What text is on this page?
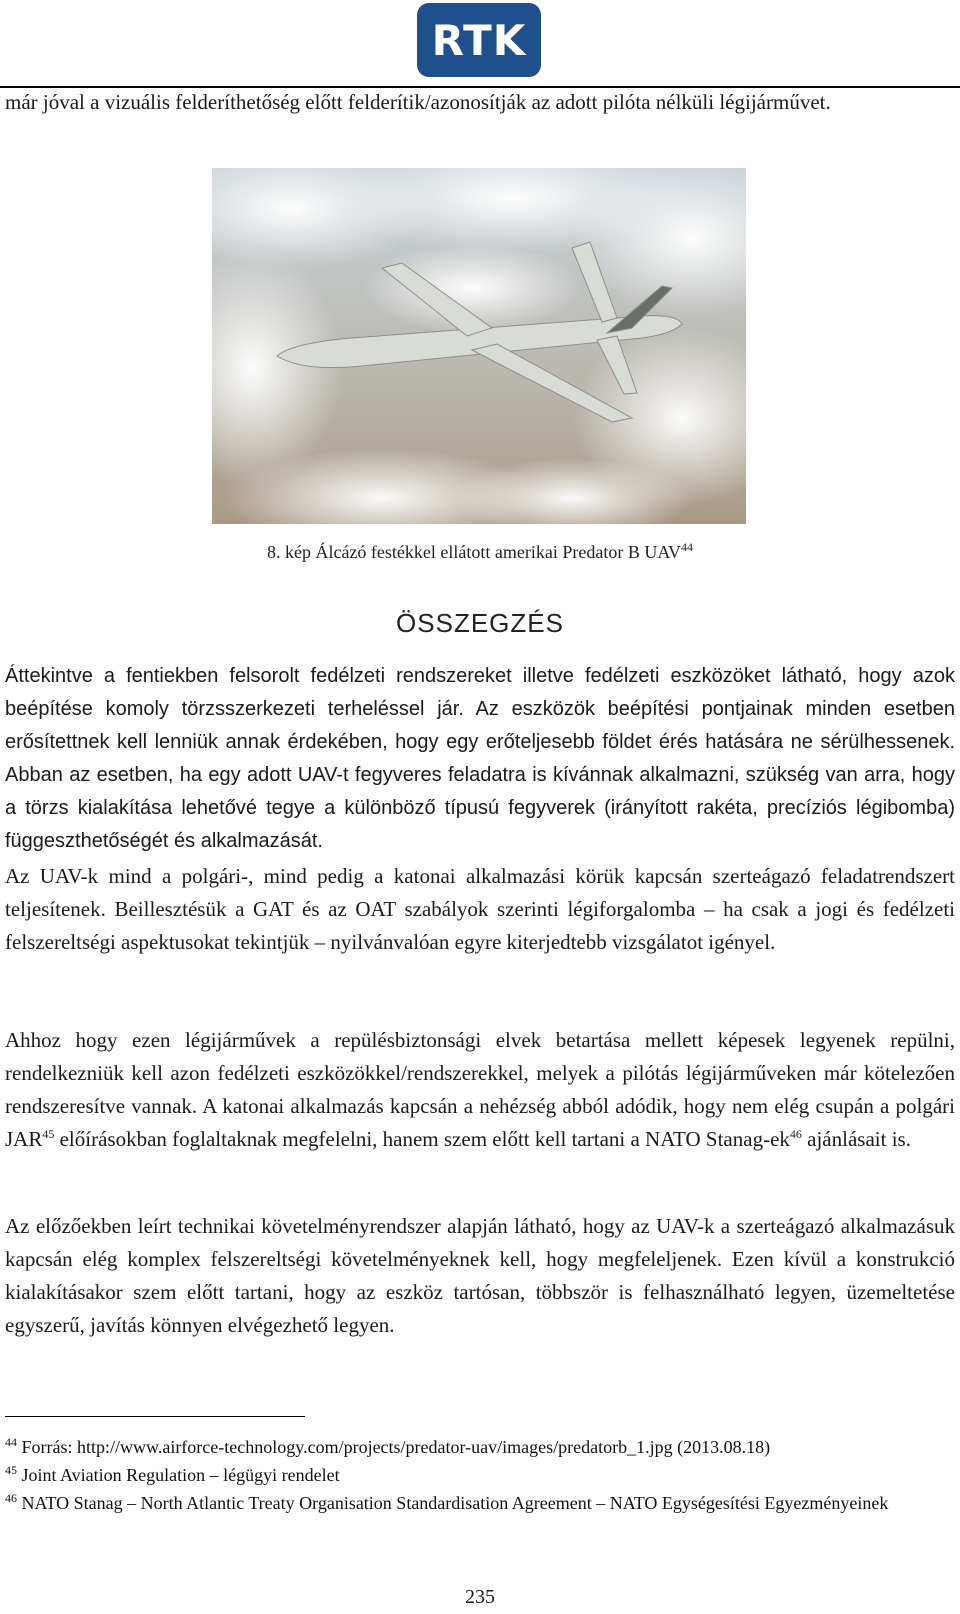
RTK
már jóval a vizuális felderíthetőség előtt felderítik/azonosítják az adott pilóta nélküli légijárművet.
8. kép Álcázó festékkel ellátott amerikai Predator B UAV$^{44}$
ÖSSZEGZÉS
Áttekintve a fentiekben felsorolt fedélzeti rendszereket illetve fedélzeti eszközöket látható, hogy azok beépítése komoly törzsszerkezeti terheléssel jár. Az eszközök beépítési pontjainak minden esetben erősítettnek kell lenniük annak érdekében, hogy egy erőteljesebb földet érés hatására ne sérülhessenek. Abban az esetben, ha egy adott UAV-t fegyveres feladatra is kívánnak alkalmazni, szükség van arra, hogy a törzs kialakítása lehetővé tegye a különböző típusú fegyverek (irányított rakéta, precíziós légibomba) függeszthetőségét és alkalmazását.
Az UAV-k mind a polgári-, mind pedig a katonai alkalmazási körük kapcsán szerteágazó feladatrendszert teljesítenek. Beillesztésük a GAT és az OAT szabályok szerinti légiforgalomba – ha csak a jogi és fedélzeti felszereltségi aspektusokat tekintjük – nyilvánvalóan egyre kiterjedtebb vizsgálatot igényel.
Ahhoz hogy ezen légijárművek a repülésbiztonsági elvek betartása mellett képesek legyenek repülni, rendelkezniük kell azon fedélzeti eszközökkel/rendszerekkel, melyek a pilótás légijárműveken már kötelezően rendszeresítve vannak. A katonai alkalmazás kapcsán a nehézség abból adódik, hogy nem elég csupán a polgári JAR$^{45}$ előírásokban foglaltaknak megfelelni, hanem szem előtt kell tartani a NATO Stanag-$ek^{46}$ ajánlásait is.
Az előzőekben leírt technikai követelményrendszer alapján látható, hogy az UAV-k a szerteágazó alkalmazásuk kapcsán elég komplex felszereltségi követelményeknek kell, hogy megfeleljenek. Ezen kívül a konstrukció kialakításakor szem előtt tartani, hogy az eszköz tartósan, többször is felhasználható legyen, üzemeltetése egyszerű, javítás könnyen elvégezhető legyen.
$^{44}$ Forrás: http://www.airforce-technology.com/projects/predator-uav/images/predatorb_1.jpg (2013.08.18)
$^{45}$ Joint Aviation Regulation – légügyi rendelet
$^{46}$ NATO Stanag – North Atlantic Treaty Organisation Standardisation Agreement – NATO Egységesítési Egyezményeinek
235
